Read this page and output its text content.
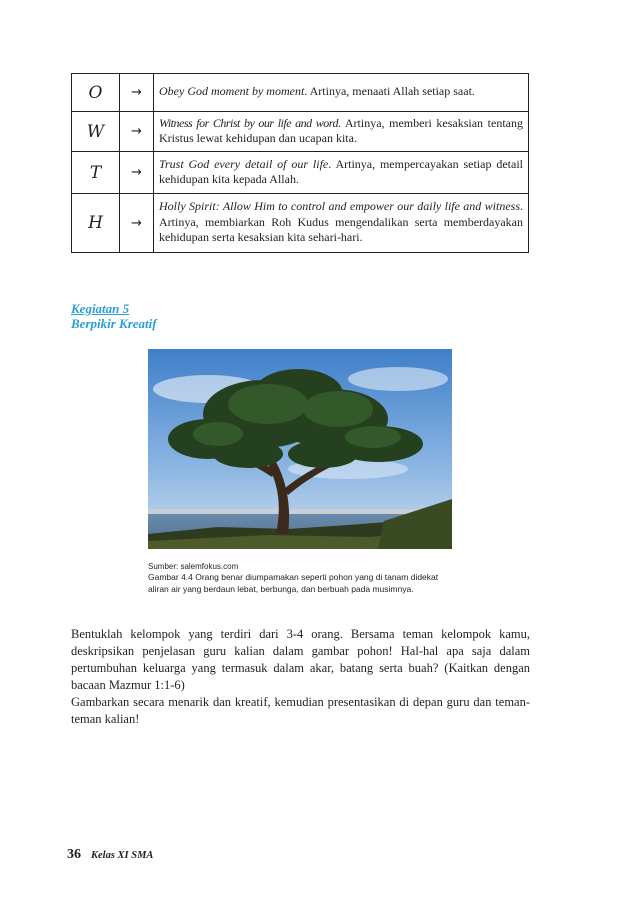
O	→	Obey God moment by moment. Artinya, menaati Allah setiap saat.
W	→	Witness for Christ by our life and word. Artinya, memberi kesaksian tentang Kristus lewat kehidupan dan ucapan kita.
T	→	Trust God every detail of our life. Artinya, mempercayakan setiap detail kehidupan kita kepada Allah.
H	→	Holly Spirit: Allow Him to control and empower our daily life and witness. Artinya, membiarkan Roh Kudus mengendalikan serta memberdayakan kehidupan serta kesaksian kita sehari-hari.
Kegiatan 5
Berpikir Kreatif
Sumber: salemfokus.com
Gambar 4.4 Orang benar diumpamakan seperti pohon yang di tanam didekat aliran air yang berdaun lebat, berbunga, dan berbuah pada musimnya.

Bentuklah kelompok yang terdiri dari 3-4 orang. Bersama teman kelompok kamu, deskripsikan penjelasan guru kalian dalam gambar pohon! Hal-hal apa saja dalam pertumbuhan keluarga yang termasuk dalam akar, batang serta buah? (Kaitkan dengan bacaan Mazmur 1:1-6)

Gambarkan secara menarik dan kreatif, kemudian presentasikan di depan guru dan teman-teman kalian!

36 Kelas XI SMA
